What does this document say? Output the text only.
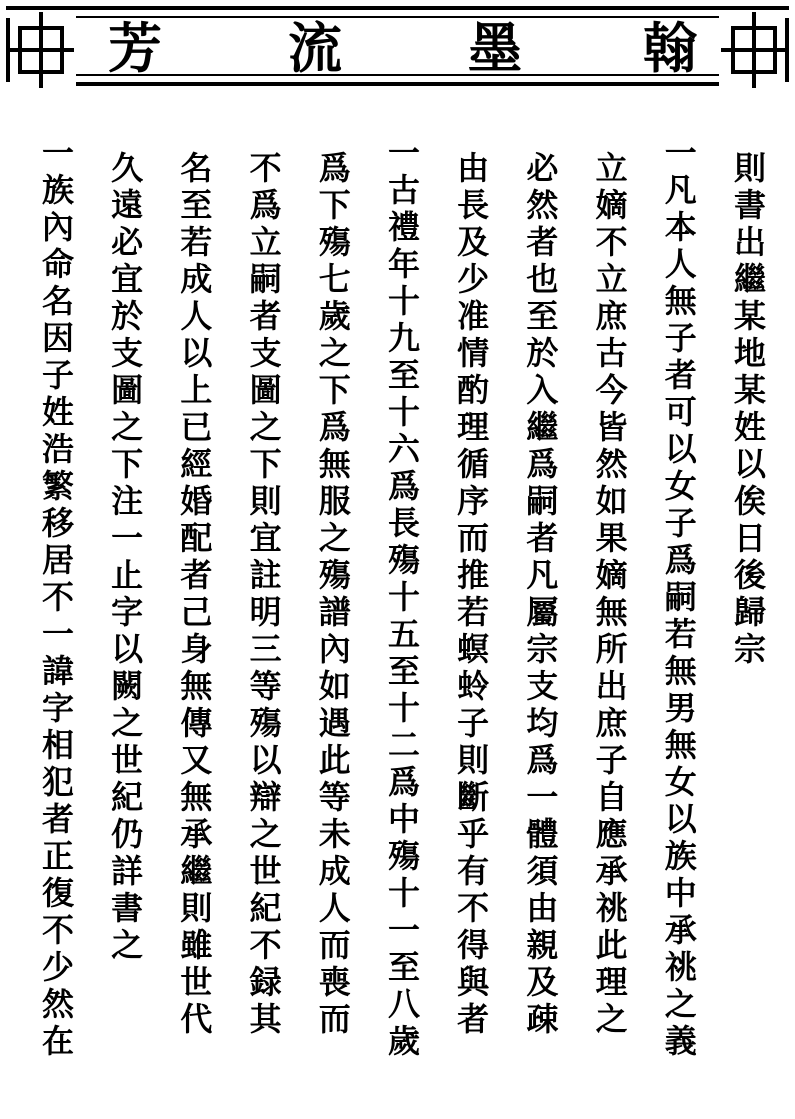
芳 流 墨 翰
則
書
出
繼
某
地
某
姓
以
俟
日
後
歸
宗
一
凡
本
人
無
子
者
可
以
女
子
爲
嗣
若
無
男
無
女
以
族
中
承
祧
之
義
立
嫡
不
立
庶
古
今
皆
然
如
果
嫡
無
所
出
庶
子
自
應
承
祧
此
理
之
必
然
者
也
至
於
入
繼
爲
嗣
者
凡
屬
宗
支
均
爲
一
體
須
由
親
及
疎
由
長
及
少
准
情
酌
理
循
序
而
推
若
螟
蛉
子
則
斷
乎
有
不
得
與
者
一
古
禮
年
十
九
至
十
六
爲
長
殤
十
五
至
十
二
爲
中
殤
十
一
至
八
歲
爲
下
殤
七
歲
之
下
爲
無
服
之
殤
譜
內
如
遇
此
等
未
成
人
而
喪
而
不
爲
立
嗣
者
支
圖
之
下
則
宜
註
明
三
等
殤
以
辯
之
世
紀
不
録
其
名
至
若
成
人
以
上
已
經
婚
配
者
己
身
無
傳
又
無
承
繼
則
雖
世
代
久
遠
必
宜
於
支
圖
之
下
注
一
止
字
以
闕
之
世
紀
仍
詳
書
之
一
族
內
命
名
因
子
姓
浩
繁
移
居
不
一
諱
字
相
犯
者
正
復
不
少
然
在
